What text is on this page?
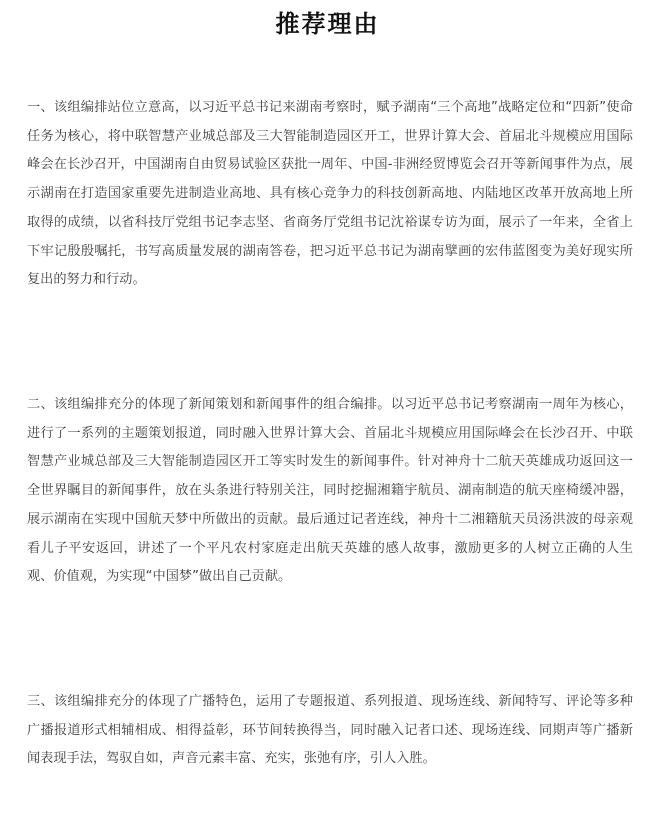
推荐理由

一、该组编排站位立意高，以习近平总书记来湖南考察时，赋予湖南“三个高地”战略定位和“四新”使命任务为核心，将中联智慧产业城总部及三大智能制造园区开工，世界计算大会、首届北斗规模应用国际峰会在长沙召开，中国湖南自由贸易试验区获批一周年、中国-非洲经贸博览会召开等新闻事件为点，展示湖南在打造国家重要先进制造业高地、具有核心竞争力的科技创新高地、内陆地区改革开放高地上所取得的成绩，以省科技厅党组书记李志坚、省商务厅党组书记沈裕谋专访为面，展示了一年来，全省上下牢记殷殷嘱托，书写高质量发展的湖南答卷，把习近平总书记为湖南擘画的宏伟蓝图变为美好现实所复出的努力和行动。

二、该组编排充分的体现了新闻策划和新闻事件的组合编排。以习近平总书记考察湖南一周年为核心，进行了一系列的主题策划报道，同时融入世界计算大会、首届北斗规模应用国际峰会在长沙召开、中联智慧产业城总部及三大智能制造园区开工等实时发生的新闻事件。针对神舟十二航天英雄成功返回这一全世界瞩目的新闻事件，放在头条进行特别关注，同时挖掘湘籍宇航员、湖南制造的航天座椅缓冲器，展示湖南在实现中国航天梦中所做出的贡献。最后通过记者连线，神舟十二湘籍航天员汤洪波的母亲观看儿子平安返回，讲述了一个平凡农村家庭走出航天英雄的感人故事，激励更多的人树立正确的人生观、价值观，为实现“中国梦”做出自己贡献。

三、该组编排充分的体现了广播特色，运用了专题报道、系列报道、现场连线、新闻特写、评论等多种广播报道形式相辅相成、相得益彰，环节间转换得当，同时融入记者口述、现场连线、同期声等广播新闻表现手法，驾驭自如，声音元素丰富、充实，张弛有序，引人入胜。
